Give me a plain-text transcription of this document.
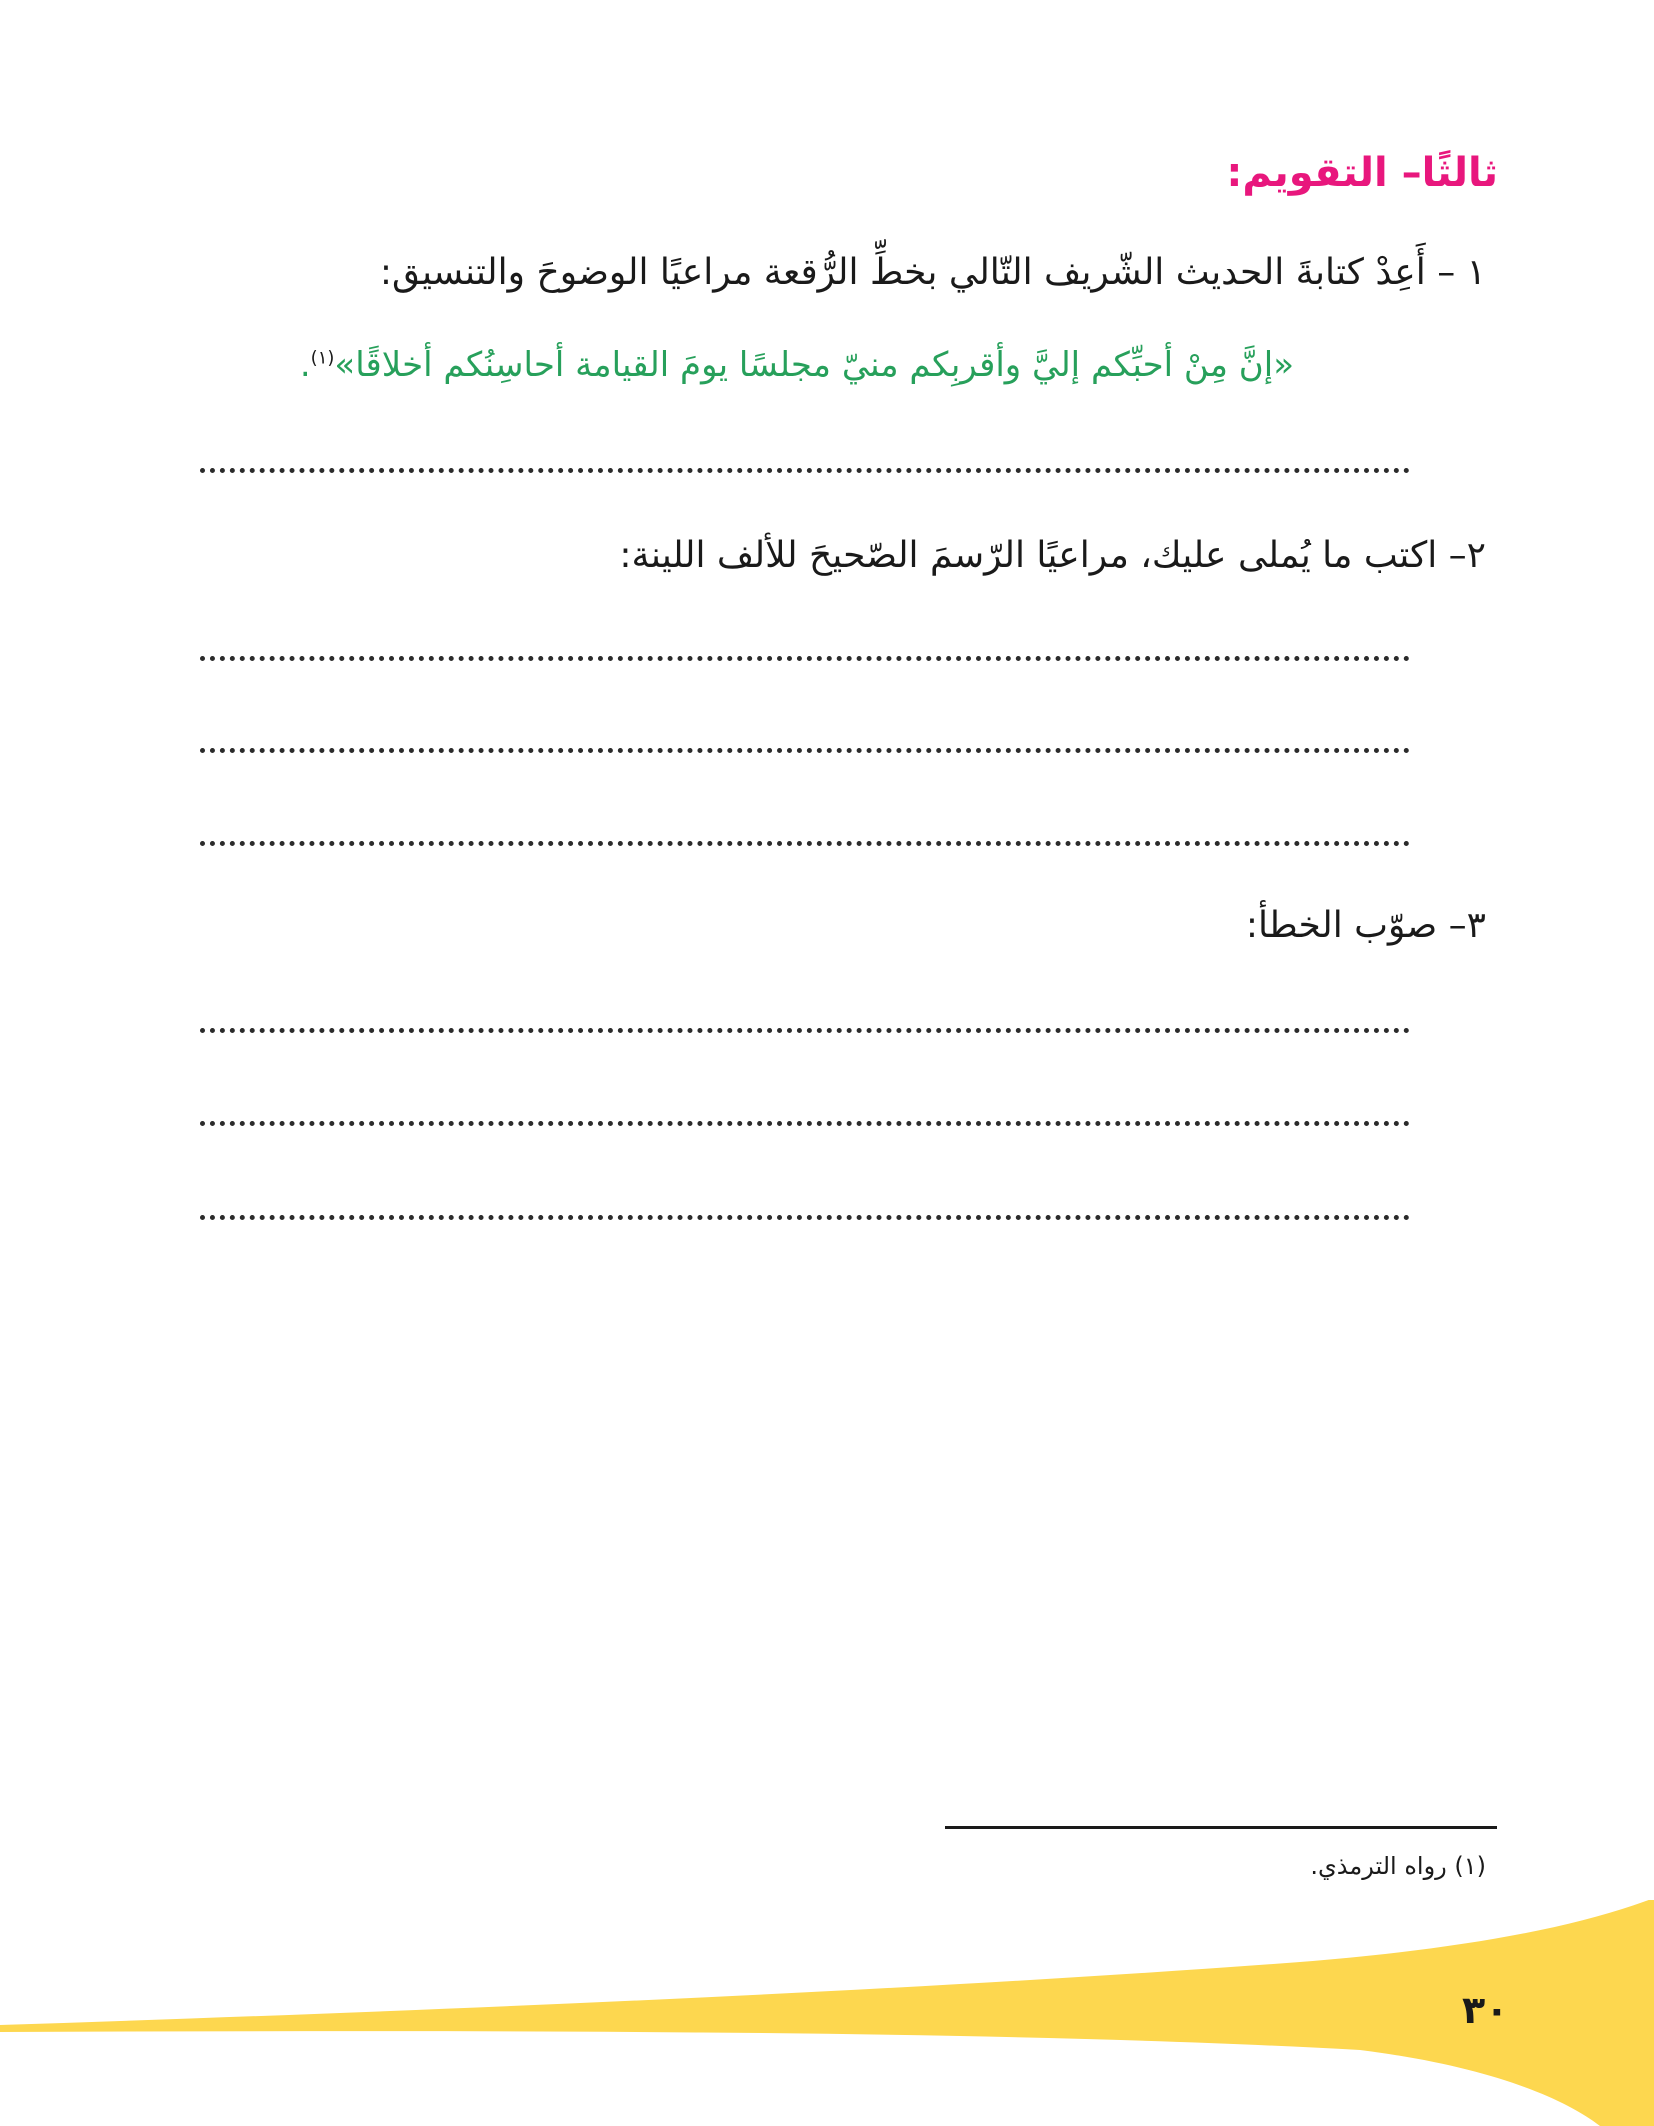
ثالثًا– التقويم:
١ – أَعِدْ كتابةَ الحديث الشّريف التّالي بخطِّ الرُّقعة مراعيًا الوضوحَ والتنسيق:
«إنَّ مِنْ أحبِّكم إليَّ وأقربِكم منيّ مجلسًا يومَ القيامة أحاسِنُكم أخلاقًا»$^{(١)}$.
٢– اكتب ما يُملى عليك، مراعيًا الرّسمَ الصّحيحَ للألف اللينة:
٣– صوّب الخطأ:
(١) رواه الترمذي.
٣٠
